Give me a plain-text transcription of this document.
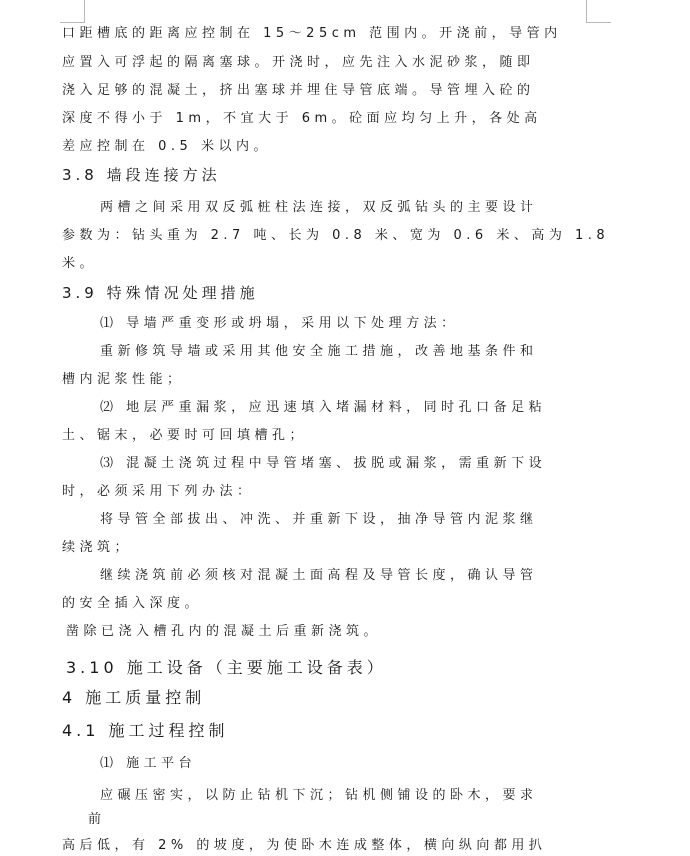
口距槽底的距离应控制在 15～25cm 范围内。开浇前，导管内

应置入可浮起的隔离塞球。开浇时，应先注入水泥砂浆，随即

浇入足够的混凝土，挤出塞球并埋住导管底端。导管埋入砼的

深度不得小于 1m，不宜大于 6m。砼面应均匀上升，各处高

差应控制在 0.5 米以内。

3.8 墙段连接方法

两槽之间采用双反弧桩柱法连接，双反弧钻头的主要设计

参数为：钻头重为 2.7 吨、长为 0.8 米、宽为 0.6 米、高为 1.8

米。

3.9 特殊情况处理措施

⑴ 导墙严重变形或坍塌，采用以下处理方法：

重新修筑导墙或采用其他安全施工措施，改善地基条件和

槽内泥浆性能；

⑵ 地层严重漏浆，应迅速填入堵漏材料，同时孔口备足粘

土、锯末，必要时可回填槽孔；

⑶ 混凝土浇筑过程中导管堵塞、拔脱或漏浆，需重新下设

时，必须采用下列办法：

将导管全部拔出、冲洗、并重新下设，抽净导管内泥浆继

续浇筑；

继续浇筑前必须核对混凝土面高程及导管长度，确认导管

的安全插入深度。

凿除已浇入槽孔内的混凝土后重新浇筑。

3.10 施工设备（主要施工设备表）

4 施工质量控制

4.1 施工过程控制

⑴ 施工平台

应碾压密实，以防止钻机下沉；钻机侧铺设的卧木，要求

前

高后低，有 2% 的坡度，为使卧木连成整体，横向纵向都用扒
